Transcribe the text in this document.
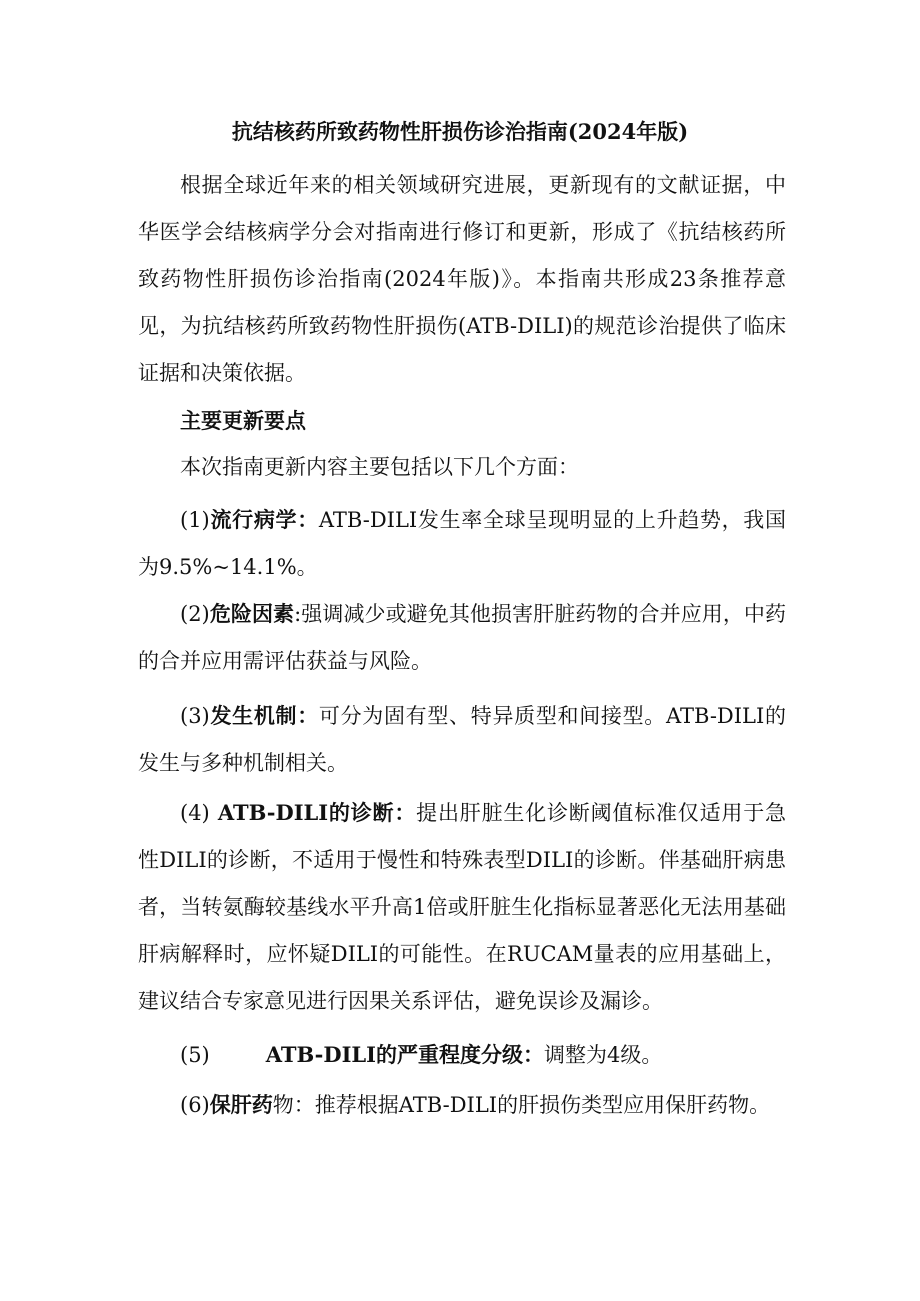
抗结核药所致药物性肝损伤诊治指南(2024年版)
根据全球近年来的相关领域研究进展，更新现有的文献证据，中华医学会结核病学分会对指南进行修订和更新，形成了《抗结核药所致药物性肝损伤诊治指南(2024年版)》。本指南共形成23条推荐意见，为抗结核药所致药物性肝损伤(ATB-DILI)的规范诊治提供了临床证据和决策依据。
主要更新要点
本次指南更新内容主要包括以下几个方面：
(1)流行病学：ATB-DILI发生率全球呈现明显的上升趋势，我国为9.5%~14.1%。
(2)危险因素:强调减少或避免其他损害肝脏药物的合并应用，中药的合并应用需评估获益与风险。
(3)发生机制：可分为固有型、特异质型和间接型。ATB-DILI的发生与多种机制相关。
(4) ATB-DILI的诊断：提出肝脏生化诊断阈值标准仅适用于急性DILI的诊断，不适用于慢性和特殊表型DILI的诊断。伴基础肝病患者，当转氨酶较基线水平升高1倍或肝脏生化指标显著恶化无法用基础肝病解释时，应怀疑DILI的可能性。在RUCAM量表的应用基础上，建议结合专家意见进行因果关系评估，避免误诊及漏诊。
(5)	ATB-DILI的严重程度分级：调整为4级。
(6)保肝药物：推荐根据ATB-DILI的肝损伤类型应用保肝药物。
